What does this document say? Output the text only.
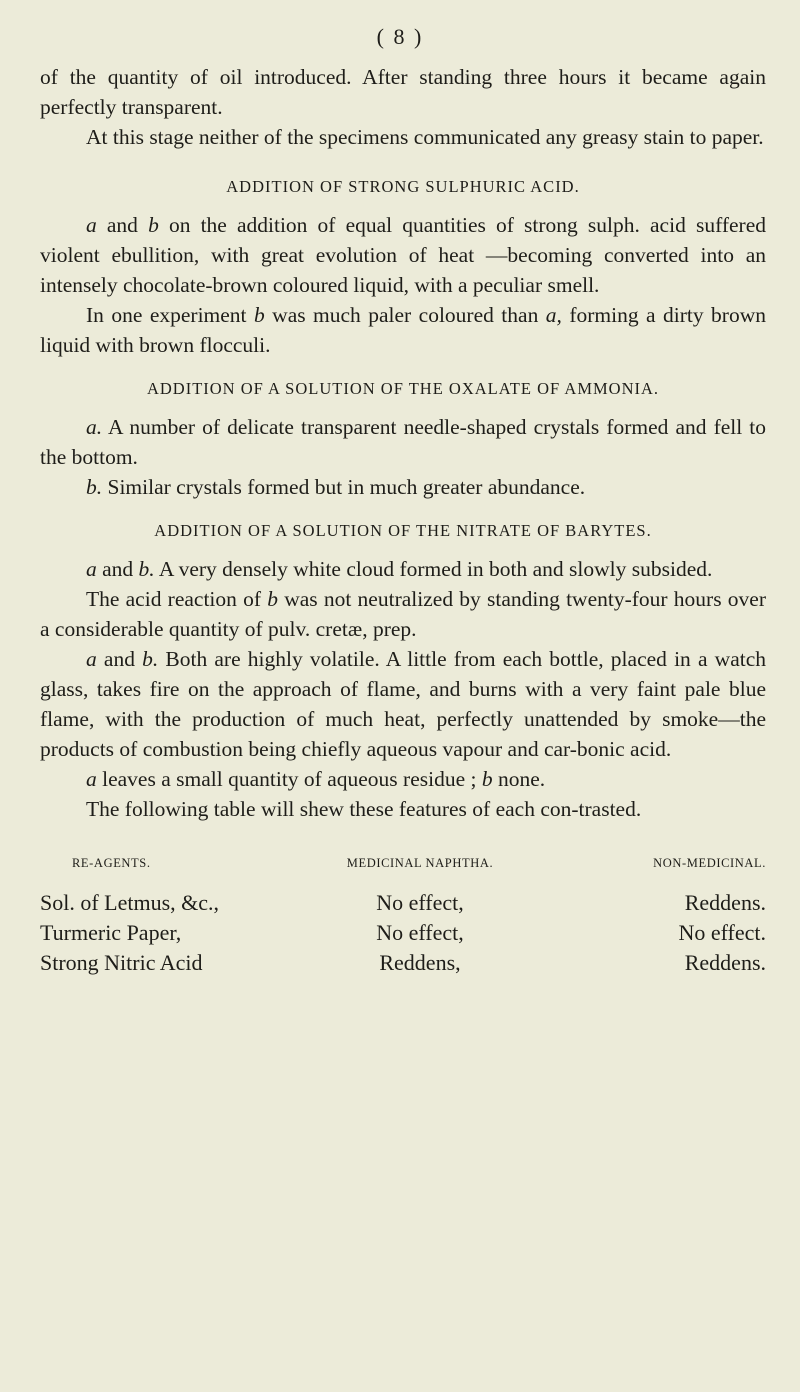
( 8 )

of the quantity of oil introduced. After standing three hours it became again perfectly transparent.

At this stage neither of the specimens communicated any greasy stain to paper.

ADDITION OF STRONG SULPHURIC ACID.

a and b on the addition of equal quantities of strong sulph. acid suffered violent ebullition, with great evolution of heat —becoming converted into an intensely chocolate-brown coloured liquid, with a peculiar smell.

In one experiment b was much paler coloured than a, forming a dirty brown liquid with brown flocculi.

ADDITION OF A SOLUTION OF THE OXALATE OF AMMONIA.

a. A number of delicate transparent needle-shaped crystals formed and fell to the bottom.

b. Similar crystals formed but in much greater abundance.

ADDITION OF A SOLUTION OF THE NITRATE OF BARYTES.

a and b. A very densely white cloud formed in both and slowly subsided.

The acid reaction of b was not neutralized by standing twenty-four hours over a considerable quantity of pulv. cretæ, prep.

a and b. Both are highly volatile. A little from each bottle, placed in a watch glass, takes fire on the approach of flame, and burns with a very faint pale blue flame, with the production of much heat, perfectly unattended by smoke—the products of combustion being chiefly aqueous vapour and car-bonic acid.

a leaves a small quantity of aqueous residue ; b none.

The following table will shew these features of each con-trasted.

RE-AGENTS.	MEDICINAL NAPHTHA.	NON-MEDICINAL.
Sol. of Letmus, &c.,	No effect,	Reddens.
Turmeric Paper,	No effect,	No effect.
Strong Nitric Acid	Reddens,	Reddens.
